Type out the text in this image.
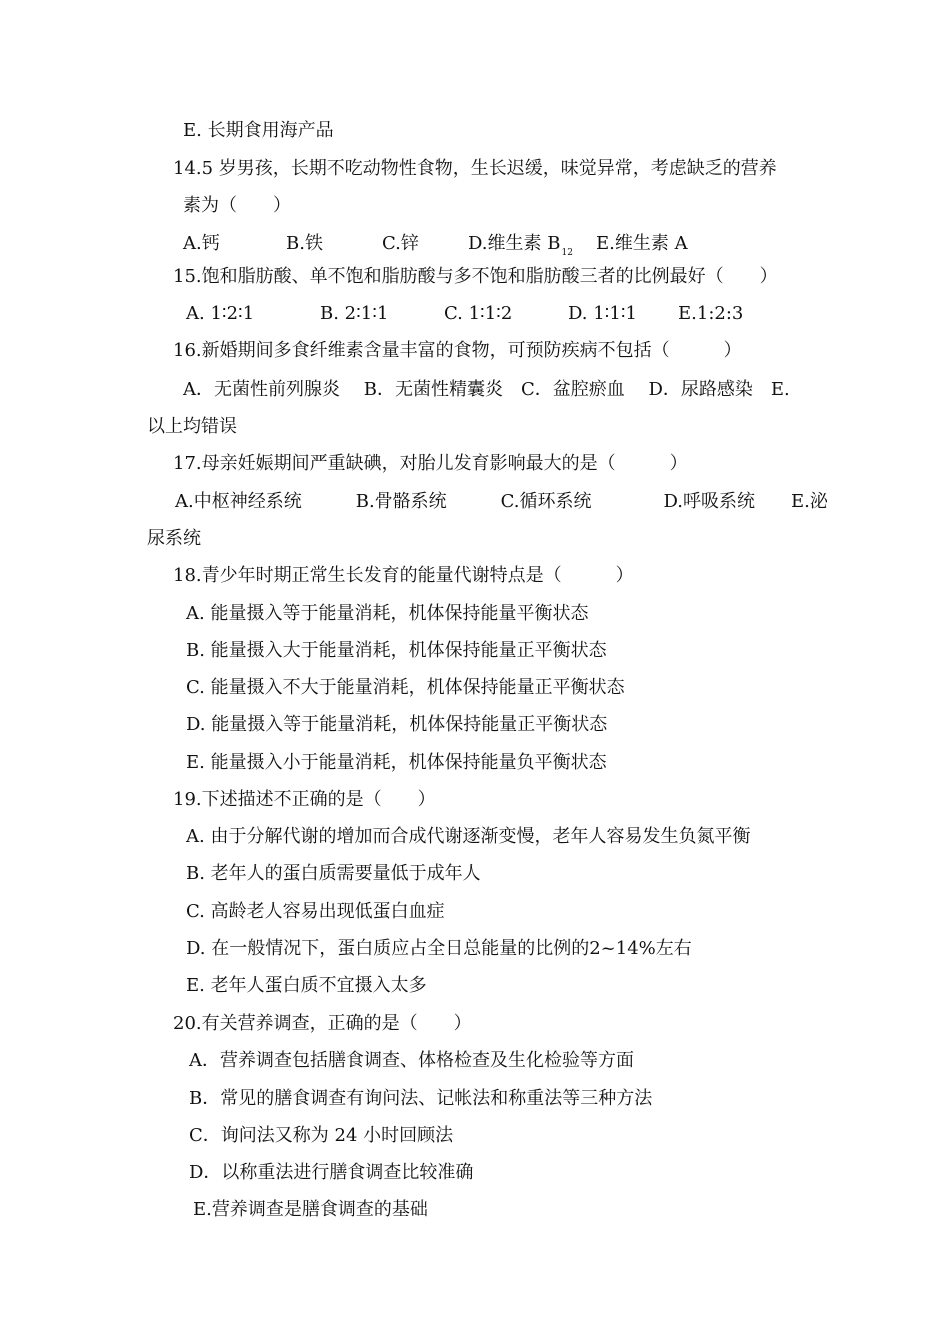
E. 长期食用海产品

14.5 岁男孩，长期不吃动物性食物，生长迟缓，味觉异常，考虑缺乏的营养

素为（　　）

A.钙	B.铁	C.锌	D.维生素 $B_{12}$ E.维生素 A

15.饱和脂肪酸、单不饱和脂肪酸与多不饱和脂肪酸三者的比例最好（　　）

A. 1∶2∶1	B. 2∶1∶1	C. 1∶1∶2	D. 1∶1∶1 E.1:2:3

16.新婚期间多食纤维素含量丰富的食物，可预防疾病不包括（　　　）

A．无菌性前列腺炎　 B．无菌性精囊炎　C．盆腔瘀血　 D．尿路感染　E.

以上均错误

17.母亲妊娠期间严重缺碘，对胎儿发育影响最大的是（　　　）

A.中枢神经系统　　　B.骨骼系统　　　C.循环系统　　　　D.呼吸系统　　E.泌

尿系统

18.青少年时期正常生长发育的能量代谢特点是（　　　）

A. 能量摄入等于能量消耗，机体保持能量平衡状态

B. 能量摄入大于能量消耗，机体保持能量正平衡状态

C. 能量摄入不大于能量消耗，机体保持能量正平衡状态

D. 能量摄入等于能量消耗，机体保持能量正平衡状态

E. 能量摄入小于能量消耗，机体保持能量负平衡状态

19.下述描述不正确的是（　　）

A. 由于分解代谢的增加而合成代谢逐渐变慢，老年人容易发生负氮平衡

B. 老年人的蛋白质需要量低于成年人

C. 高龄老人容易出现低蛋白血症

D. 在一般情况下，蛋白质应占全日总能量的比例的2~14%左右

E. 老年人蛋白质不宜摄入太多

20.有关营养调查，正确的是（　　）

A．营养调查包括膳食调查、体格检查及生化检验等方面

B．常见的膳食调查有询问法、记帐法和称重法等三种方法

C．询问法又称为 24 小时回顾法

D．以称重法进行膳食调查比较准确

E.营养调查是膳食调查的基础
